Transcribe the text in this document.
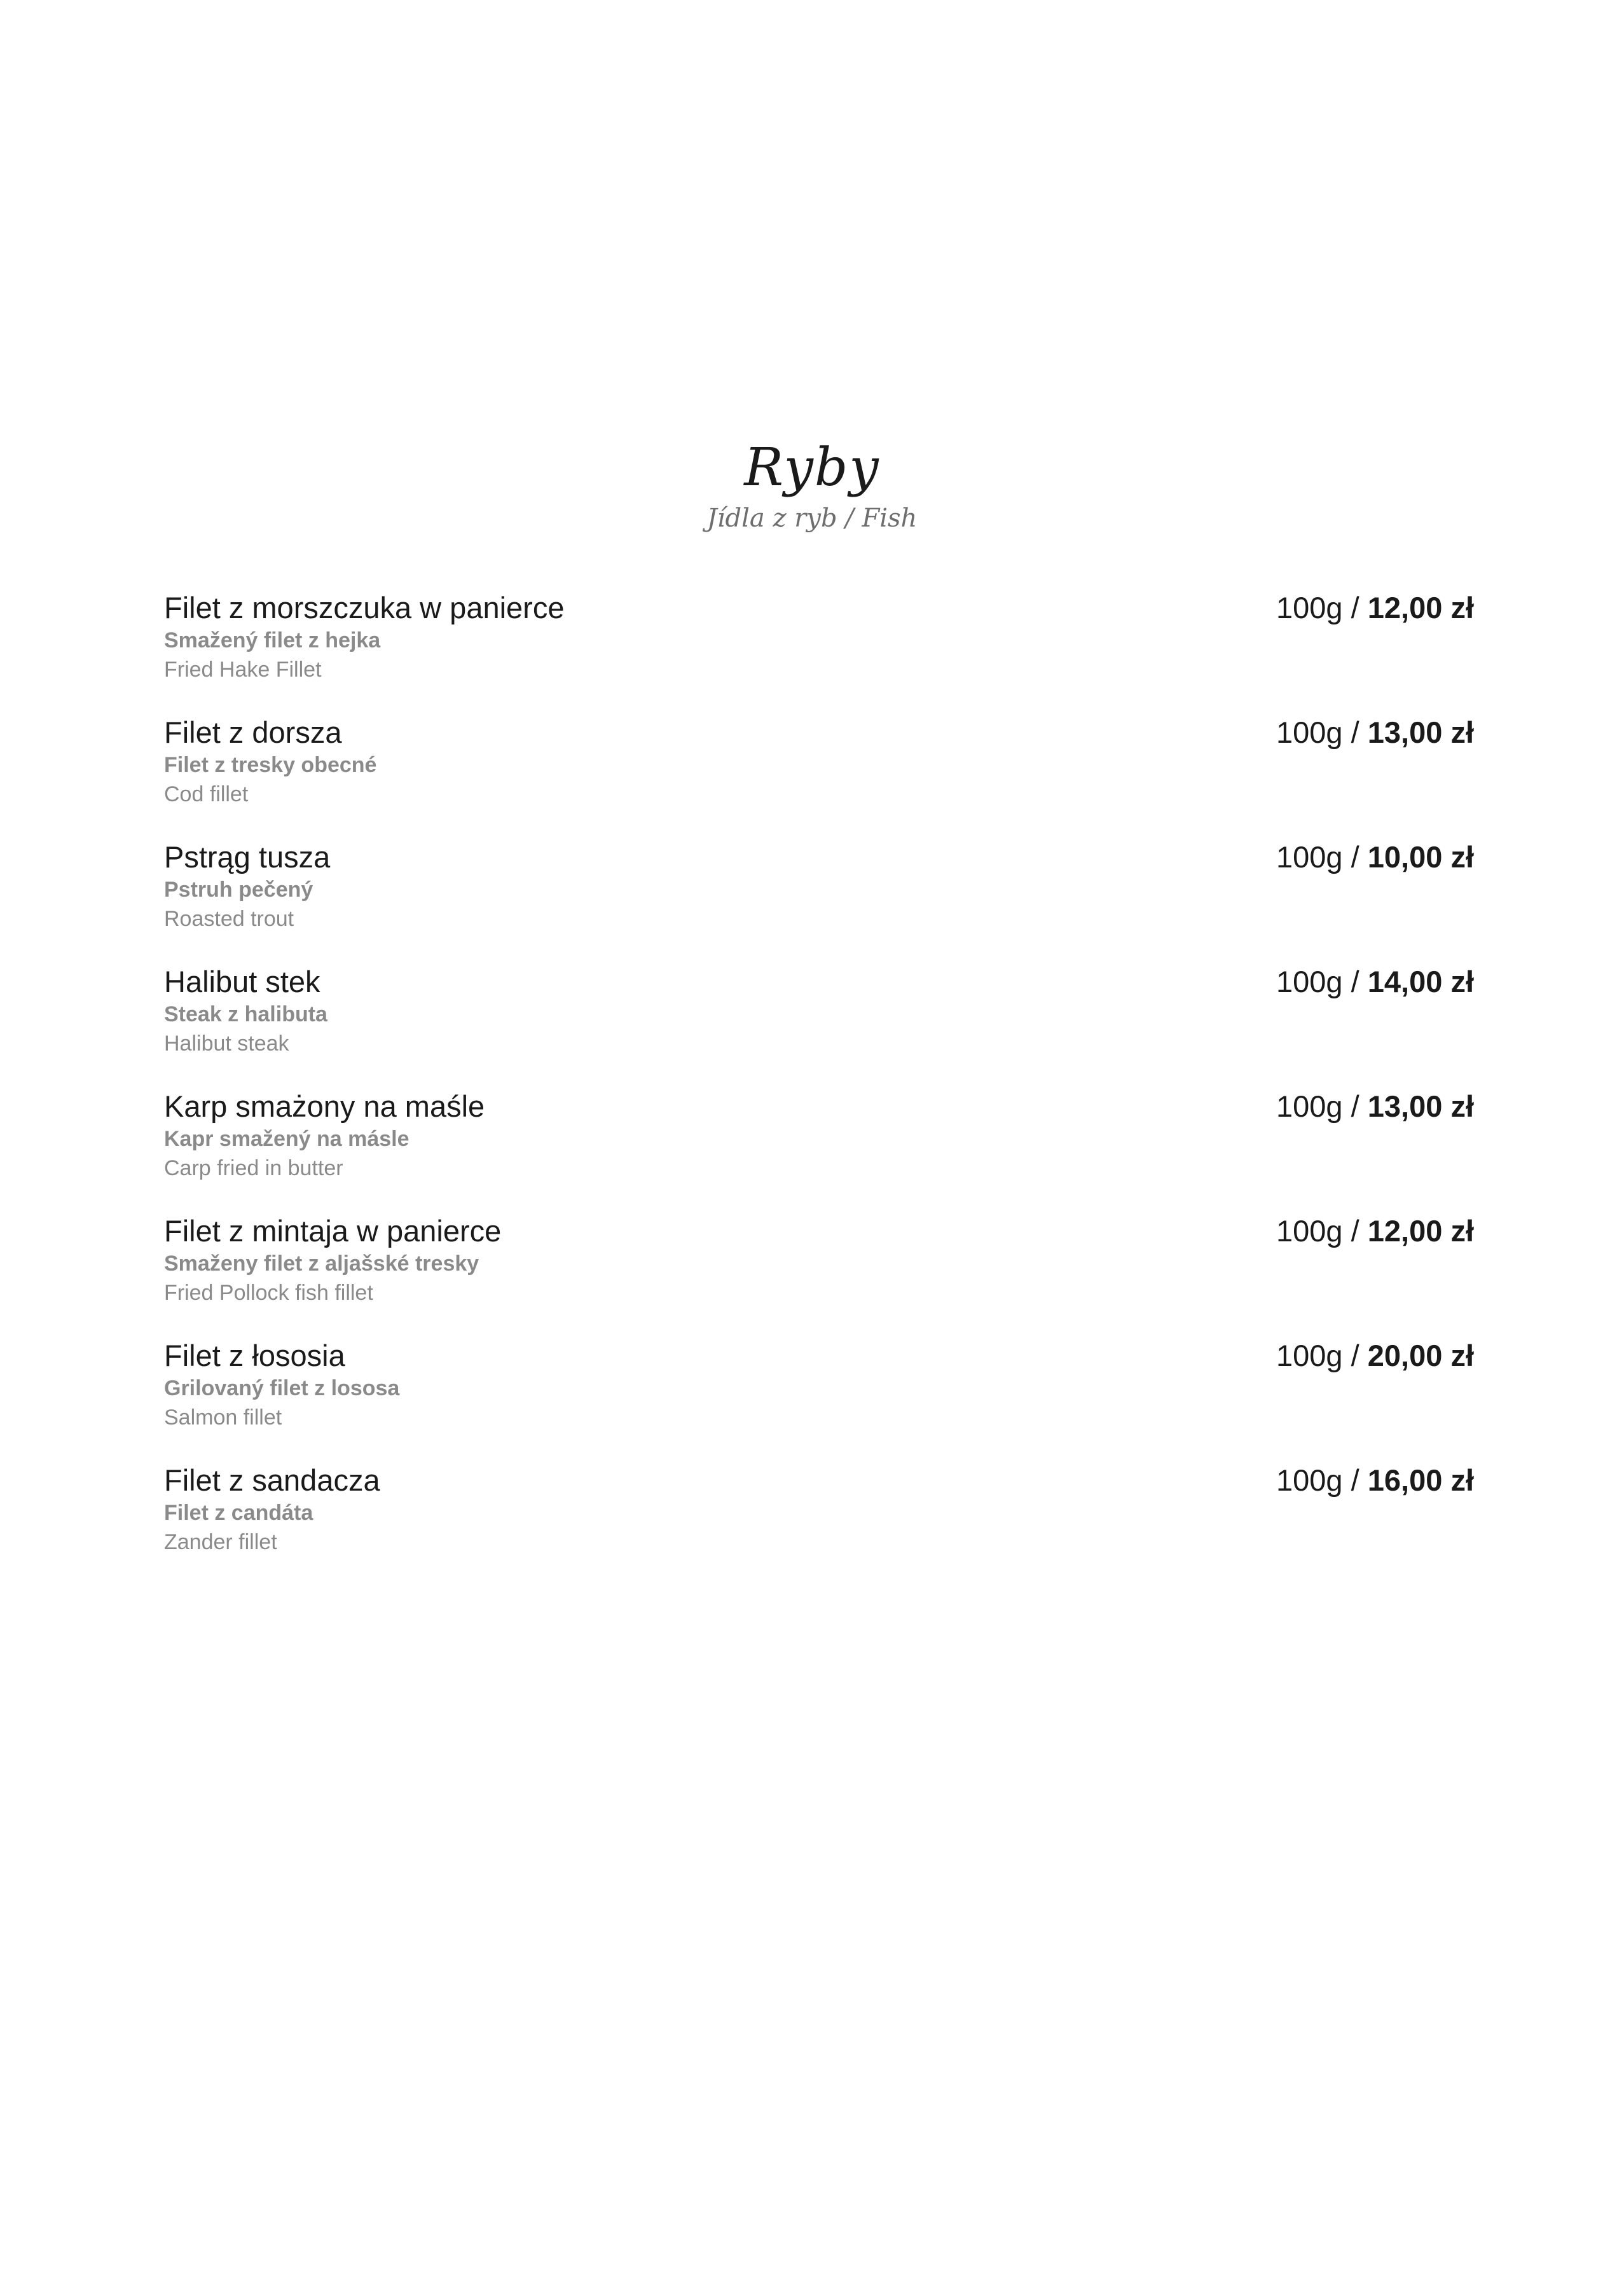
Ryby
Jídla z ryb / Fish
Filet z morszczuka w panierce
Smažený filet z hejka
Fried Hake Fillet
100g / 12,00 zł
Filet z dorsza
Filet z tresky obecné
Cod fillet
100g / 13,00 zł
Pstrąg tusza
Pstruh pečený
Roasted trout
100g / 10,00 zł
Halibut stek
Steak z halibuta
Halibut steak
100g / 14,00 zł
Karp smażony na maśle
Kapr smažený na másle
Carp fried in butter
100g / 13,00 zł
Filet z mintaja w panierce
Smaženy filet z aljašské tresky
Fried Pollock fish fillet
100g / 12,00 zł
Filet z łososia
Grilovaný filet z lososa
Salmon fillet
100g / 20,00 zł
Filet z sandacza
Filet z candáta
Zander fillet
100g / 16,00 zł
